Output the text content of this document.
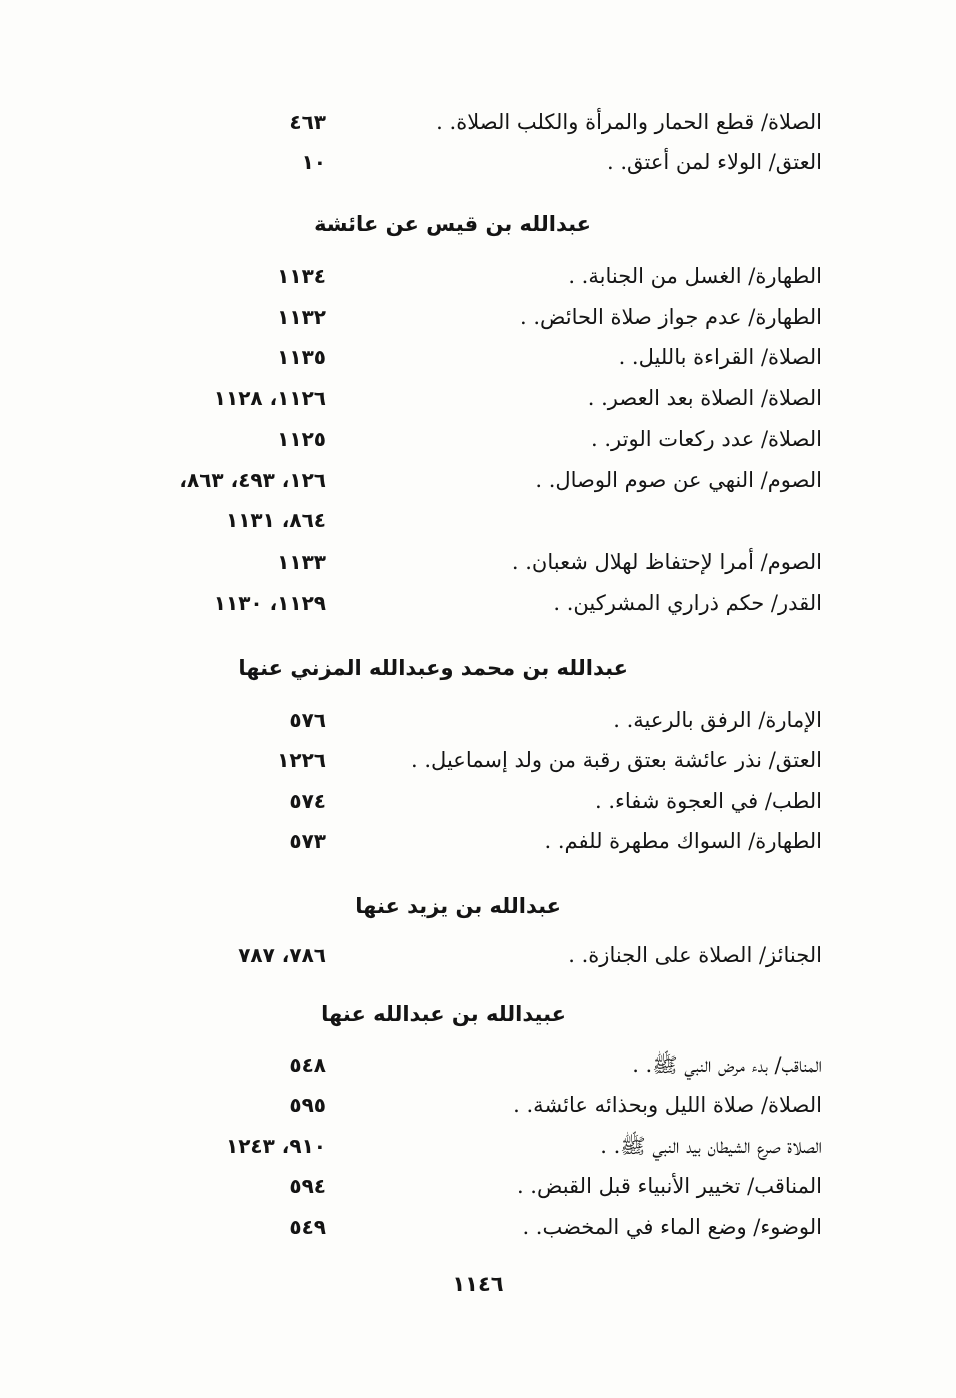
الصلاة/ قطع الحمار والمرأة والكلب الصلاة. .
٤٦٣
العتق/ الولاء لمن أعتق. .
١٠
عبدالله بن قيس عن عائشة
الطهارة/ الغسل من الجنابة. .
١١٣٤
الطهارة/ عدم جواز صلاة الحائض. .
١١٣٢
الصلاة/ القراءة بالليل. .
١١٣٥
الصلاة/ الصلاة بعد العصر. .
١١٢٦، ١١٢٨
الصلاة/ عدد ركعات الوتر. .
١١٢٥
الصوم/ النهي عن صوم الوصال. .
١٢٦، ٤٩٣، ٨٦٣،
٨٦٤، ١١٣١
الصوم/ أمرا لإحتفاظ لهلال شعبان. .
١١٣٣
القدر/ حكم ذراري المشركين. .
١١٢٩، ١١٣٠
عبدالله بن محمد وعبدالله المزني عنها
الإمارة/ الرفق بالرعية. .
٥٧٦
العتق/ نذر عائشة بعتق رقبة من ولد إسماعيل. .
١٢٢٦
الطب/ في العجوة شفاء. .
٥٧٤
الطهارة/ السواك مطهرة للفم. .
٥٧٣
عبدالله بن يزيد عنها
الجنائز/ الصلاة على الجنازة. .
٧٨٦، ٧٨٧
عبيدالله بن عبدالله عنها
المناقب/ بدء مرض النبي ﷺ. .
٥٤٨
الصلاة/ صلاة الليل وبحذائه عائشة. .
٥٩٥
الصلاة صرع الشيطان بيد النبي ﷺ. .
٩١٠، ١٢٤٣
المناقب/ تخيير الأنبياء قبل القبض. .
٥٩٤
الوضوء/ وضع الماء في المخضب. .
٥٤٩
١١٤٦
